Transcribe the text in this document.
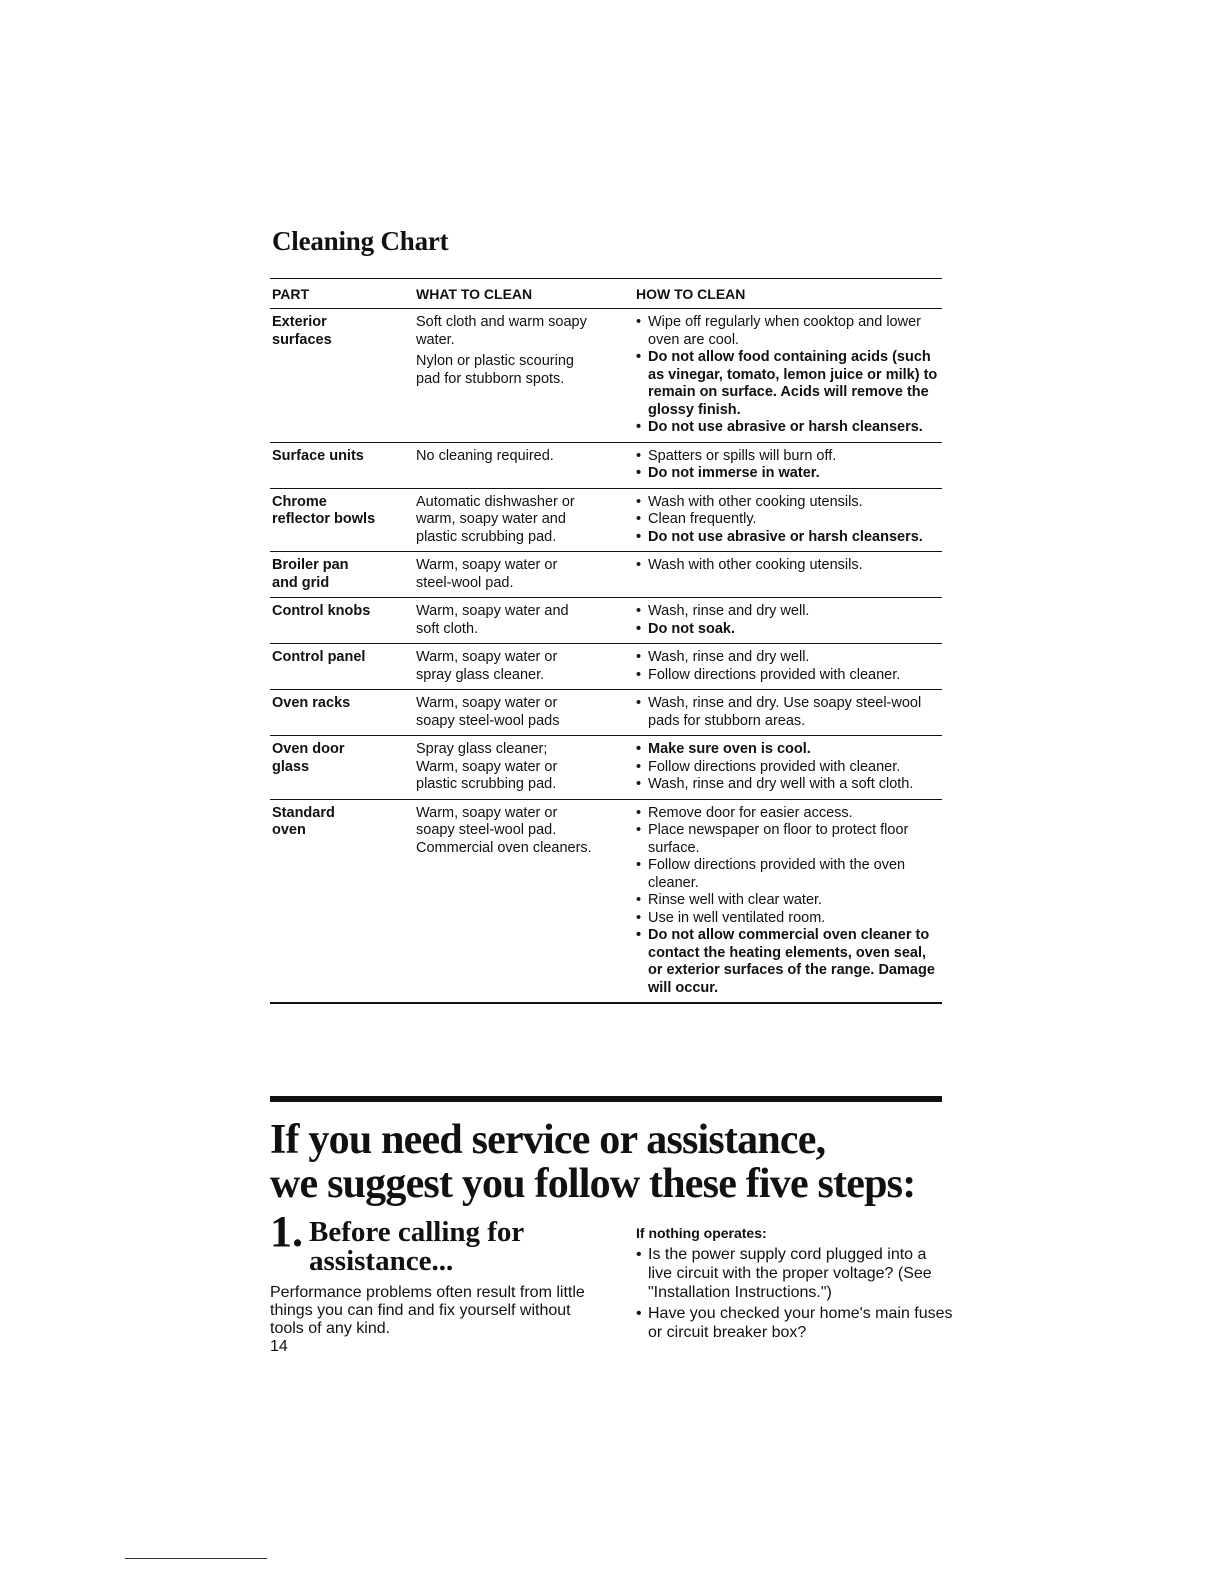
Cleaning Chart
PART	WHAT TO CLEAN	HOW TO CLEAN
Exterior
surfaces

Soft cloth and warm soapy
water.

Nylon or plastic scouring
pad for stubborn spots.

• Wipe off regularly when cooktop and lower oven are cool.
• Do not allow food containing acids (such as vinegar, tomato, lemon juice or milk) to remain on surface. Acids will remove the glossy finish.
• Do not use abrasive or harsh cleansers.
Surface units	No cleaning required.

•	Spatters or spills will burn off.
• Do not immerse in water.
Chrome
reflector bowls

Automatic dishwasher or
warm, soapy water and
plastic scrubbing pad.

• Wash with other cooking utensils.
• Clean frequently.
• Do not use abrasive or harsh cleansers.
Broiler pan
and grid

Warm, soapy water or
steel-wool pad.

• Wash with other cooking utensils.
Control knobs	Warm, soapy water and
soft cloth.

• Wash, rinse and dry well.
• Do not soak.
Control panel	Warm, soapy water or
spray glass cleaner.

• Wash, rinse and dry well.
• Follow directions provided with cleaner.
Oven racks	Warm, soapy water or
soapy steel-wool pads

• Wash, rinse and dry. Use soapy steel-wool pads for stubborn areas.
Oven door
glass

Spray glass cleaner;
Warm, soapy water or
plastic scrubbing pad.

• Make sure oven is cool.
• Follow directions provided with cleaner.
• Wash, rinse and dry well with a soft cloth.
Standard
oven

Warm, soapy water or
soapy steel-wool pad.
Commercial oven cleaners.

• Remove door for easier access.
• Place newspaper on floor to protect floor surface.
• Follow directions provided with the oven cleaner.
• Rinse well with clear water.
• Use in well ventilated room.
• Do not allow commercial oven cleaner to contact the heating elements, oven seal, or exterior surfaces of the range. Damage will occur.
If you need service or assistance,
we suggest you follow these five steps:
1. Before calling for assistance...

Performance problems often result from little things you can find and fix yourself without tools of any kind.

14
If nothing operates:
• Is the power supply cord plugged into a live circuit with the proper voltage? (See "Installation Instructions.")
• Have you checked your home's main fuses or circuit breaker box?
